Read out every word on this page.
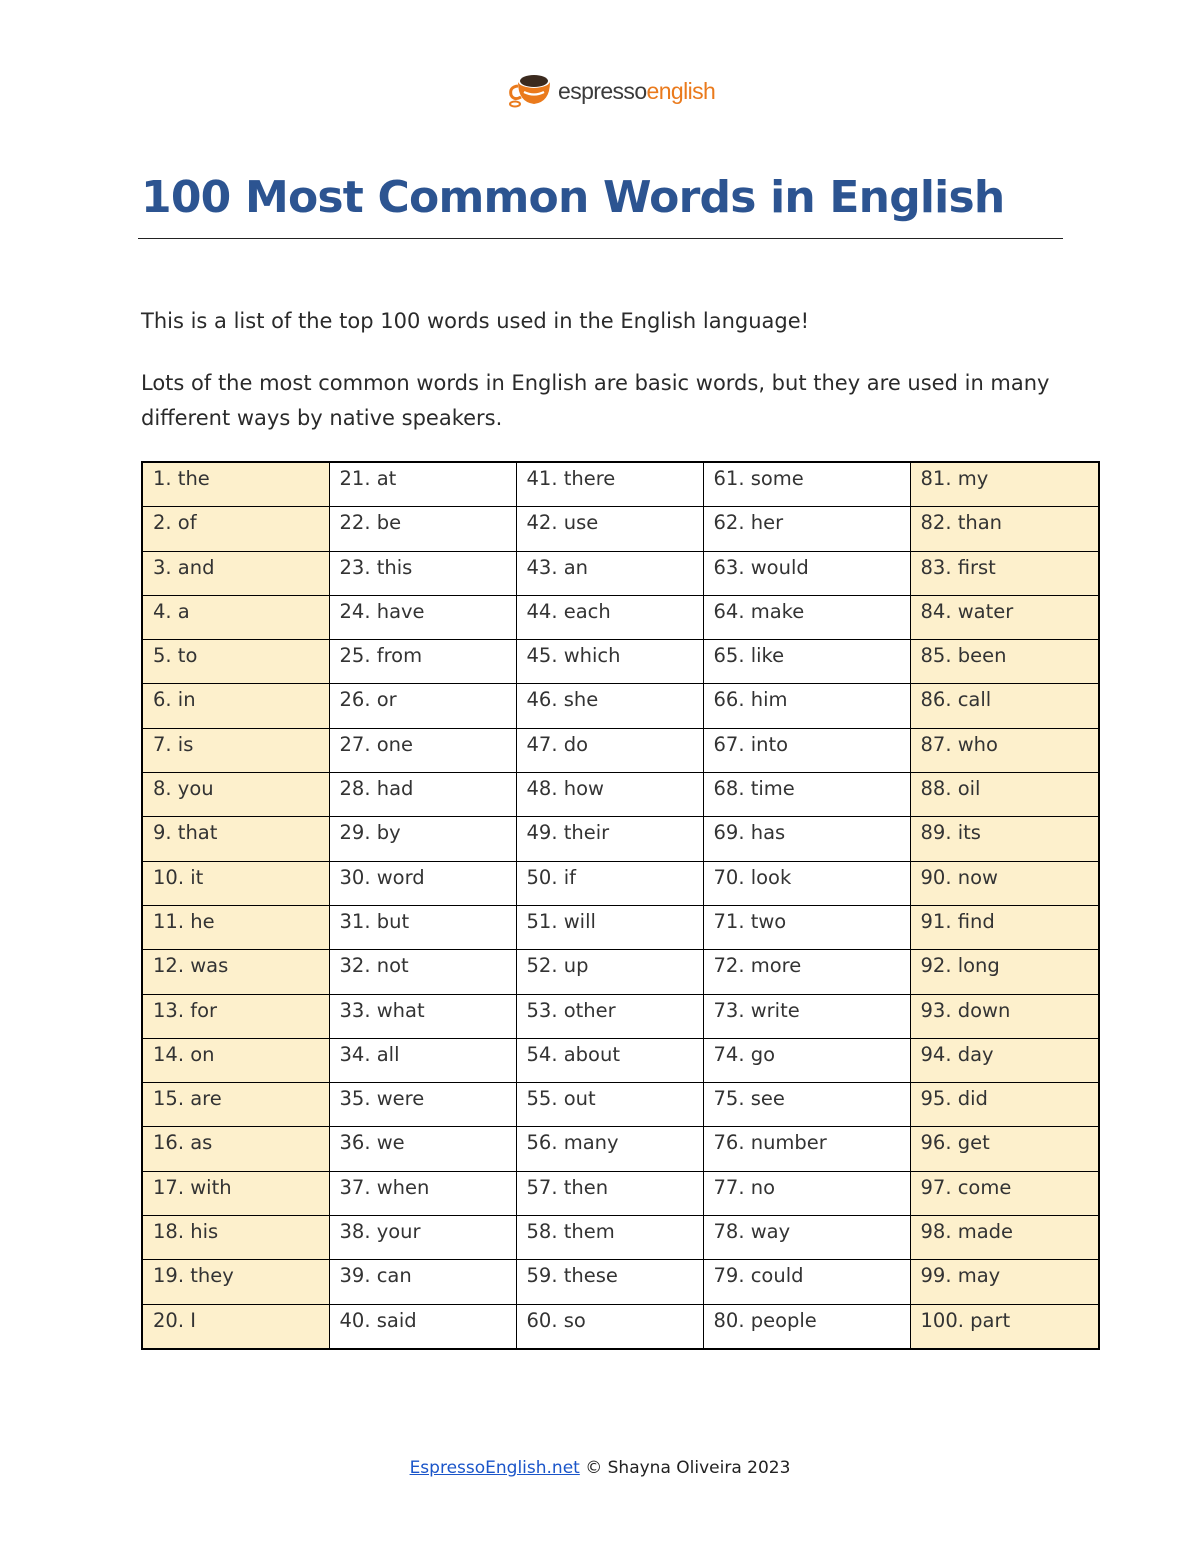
espressoenglish
100 Most Common Words in English

This is a list of the top 100 words used in the English language!

Lots of the most common words in English are basic words, but they are used in many different ways by native speakers.

1. the	21. at	41. there	61. some	81. my
2. of	22. be	42. use	62. her	82. than
3. and	23. this	43. an	63. would	83. first
4. a	24. have	44. each	64. make	84. water
5. to	25. from	45. which	65. like	85. been
6. in	26. or	46. she	66. him	86. call
7. is	27. one	47. do	67. into	87. who
8. you	28. had	48. how	68. time	88. oil
9. that	29. by	49. their	69. has	89. its
10. it	30. word	50. if	70. look	90. now
11. he	31. but	51. will	71. two	91. find
12. was	32. not	52. up	72. more	92. long
13. for	33. what	53. other	73. write	93. down
14. on	34. all	54. about	74. go	94. day
15. are	35. were	55. out	75. see	95. did
16. as	36. we	56. many	76. number	96. get
17. with	37. when	57. then	77. no	97. come
18. his	38. your	58. them	78. way	98. made
19. they	39. can	59. these	79. could	99. may
20. I	40. said	60. so	80. people	100. part
EspressoEnglish.net © Shayna Oliveira 2023
